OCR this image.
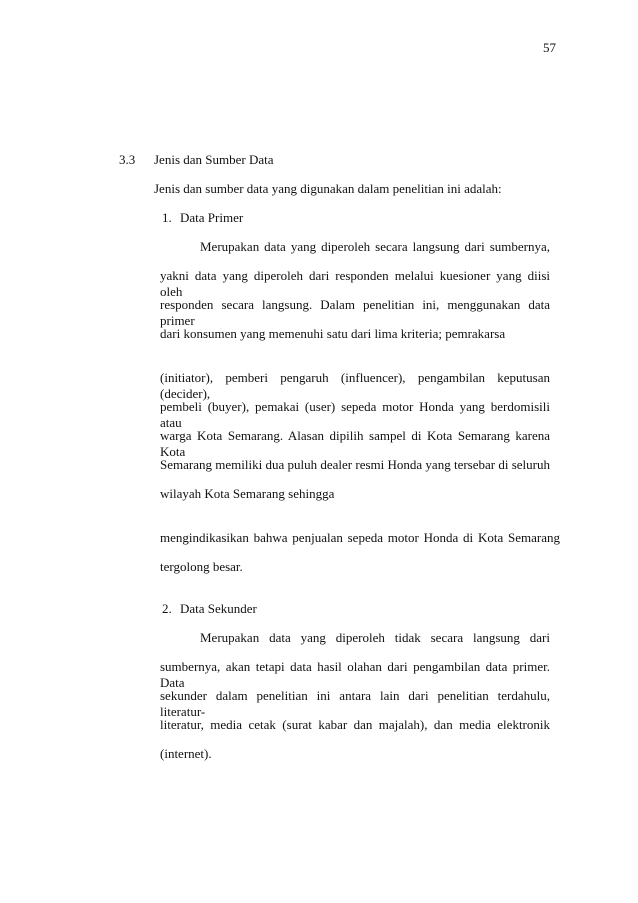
57
3.3 Jenis dan Sumber Data
Jenis dan sumber data yang digunakan dalam penelitian ini adalah:
1. Data Primer
Merupakan data yang diperoleh secara langsung dari sumbernya,
yakni data yang diperoleh dari responden melalui kuesioner yang diisi oleh
responden secara langsung. Dalam penelitian ini, menggunakan data primer
dari konsumen yang memenuhi satu dari lima kriteria; pemrakarsa
(initiator), pemberi pengaruh (influencer), pengambilan keputusan (decider),
pembeli (buyer), pemakai (user) sepeda motor Honda yang berdomisili atau
warga Kota Semarang. Alasan dipilih sampel di Kota Semarang karena Kota
Semarang memiliki dua puluh dealer resmi Honda yang tersebar di seluruh
wilayah Kota Semarang sehingga
mengindikasikan bahwa penjualan sepeda motor Honda di Kota Semarang
tergolong besar.
2. Data Sekunder
Merupakan data yang diperoleh tidak secara langsung dari
sumbernya, akan tetapi data hasil olahan dari pengambilan data primer. Data
sekunder dalam penelitian ini antara lain dari penelitian terdahulu, literatur-
literatur, media cetak (surat kabar dan majalah), dan media elektronik
(internet).
